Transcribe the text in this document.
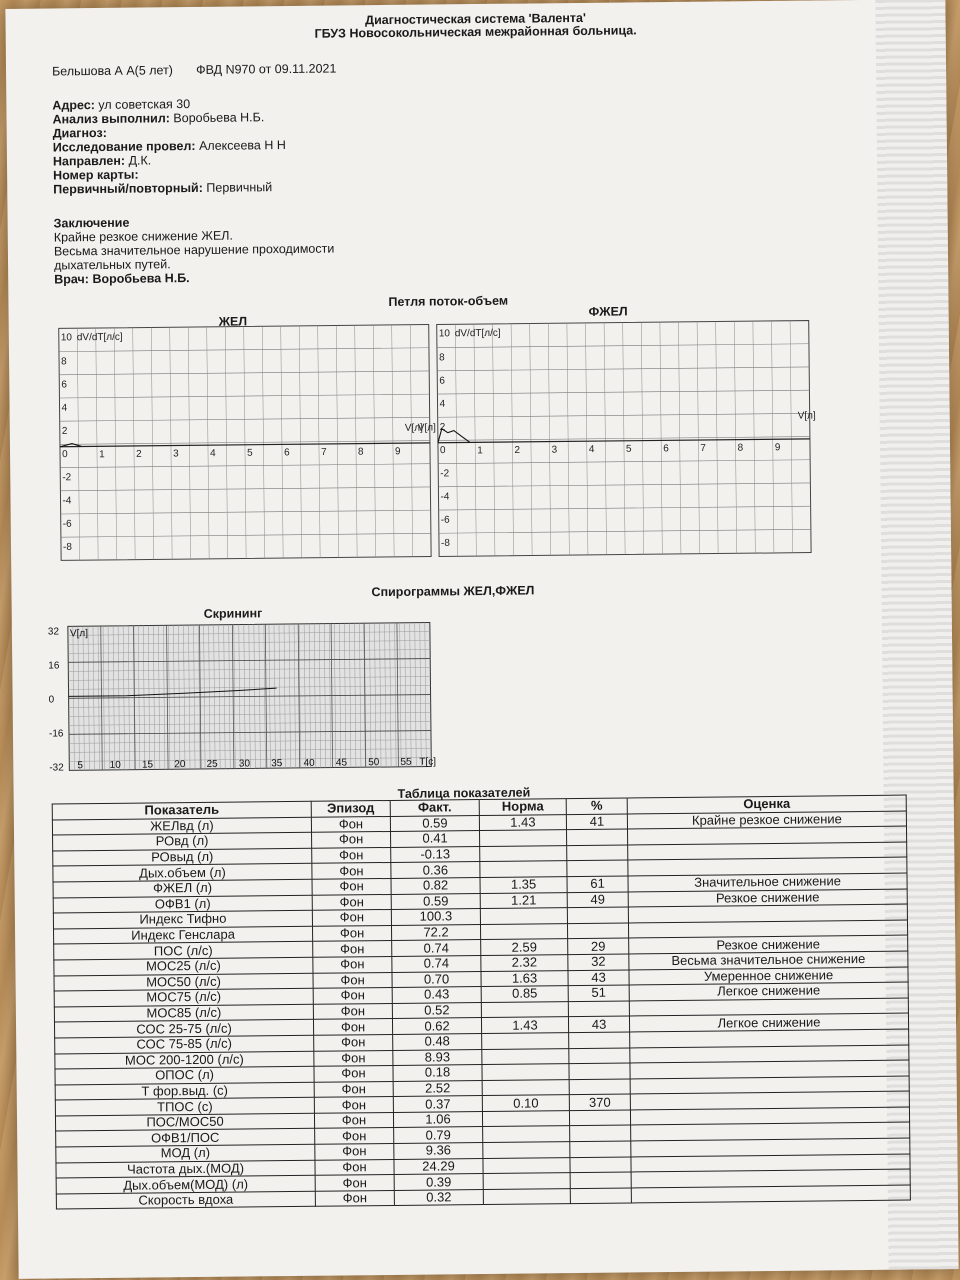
Диагностическая система 'Валента'
ГБУЗ Новосокольническая межрайонная больница.
Бельшова А А(5 лет) ФВД N970 от 09.11.2021
Адрес: ул советская 30
Анализ выполнил: Воробьева Н.Б.
Диагноз:
Исследование провел: Алексеева Н Н
Направлен: Д.К.
Номер карты:
Первичный/повторный: Первичный
Заключение
Крайне резкое снижение ЖЕЛ.
Весьма значительное нарушение проходимости
дыхательных путей.
Врач: Воробьева Н.Б.
Петля поток-объем
ЖЕЛ
ФЖЕЛ
8
6
4
2
0
-2
-4
-6
-8
1	2	3	4	5	6	7	8	9
10 dV/dT[л/с]
8
6
4
2
0
-2
-4
-6
-8
1	2	3	4	5	6	7	8	9
10 dV/dT[л/с]
V[л]
V[л]
V[л]
Спирограммы ЖЕЛ,ФЖЕЛ
Скрининг
32
16
0
-16
-32
V[л]
5	10 15 20 25 30 35 40 45 50 55 T[c]
Таблица показателей
Показатель	Эпизод	Факт.	Норма	%	Оценка
ЖЕЛвд (л)	Фон	0.59	1.43	41	Крайне резкое снижение
РОвд (л)	Фон	0.41			
РОвыд (л)	Фон	-0.13			
Дых.объем (л)	Фон	0.36			
ФЖЕЛ (л)	Фон	0.82	1.35	61	Значительное снижение
ОФВ1 (л)	Фон	0.59	1.21	49	Резкое снижение
Индекс Тифно	Фон	100.3			
Индекс Генслара	Фон	72.2			
ПОС (л/с)	Фон	0.74	2.59	29	Резкое снижение
МОС25 (л/с)	Фон	0.74	2.32	32	Весьма значительное снижение
МОС50 (л/с)	Фон	0.70	1.63	43	Умеренное снижение
МОС75 (л/с)	Фон	0.43	0.85	51	Легкое снижение
МОС85 (л/с)	Фон	0.52			
СОС 25-75 (л/с)	Фон	0.62	1.43	43	Легкое снижение
СОС 75-85 (л/с)	Фон	0.48			
МОС 200-1200 (л/с)	Фон	8.93			
ОПОС (л)	Фон	0.18			
Т фор.выд. (с)	Фон	2.52			
ТПОС (с)	Фон	0.37	0.10	370	
ПОС/МОС50	Фон	1.06			
ОФВ1/ПОС	Фон	0.79			
МОД (л)	Фон	9.36			
Частота дых.(МОД)	Фон	24.29			
Дых.объем(МОД) (л)	Фон	0.39			
Скорость вдоха	Фон	0.32			
